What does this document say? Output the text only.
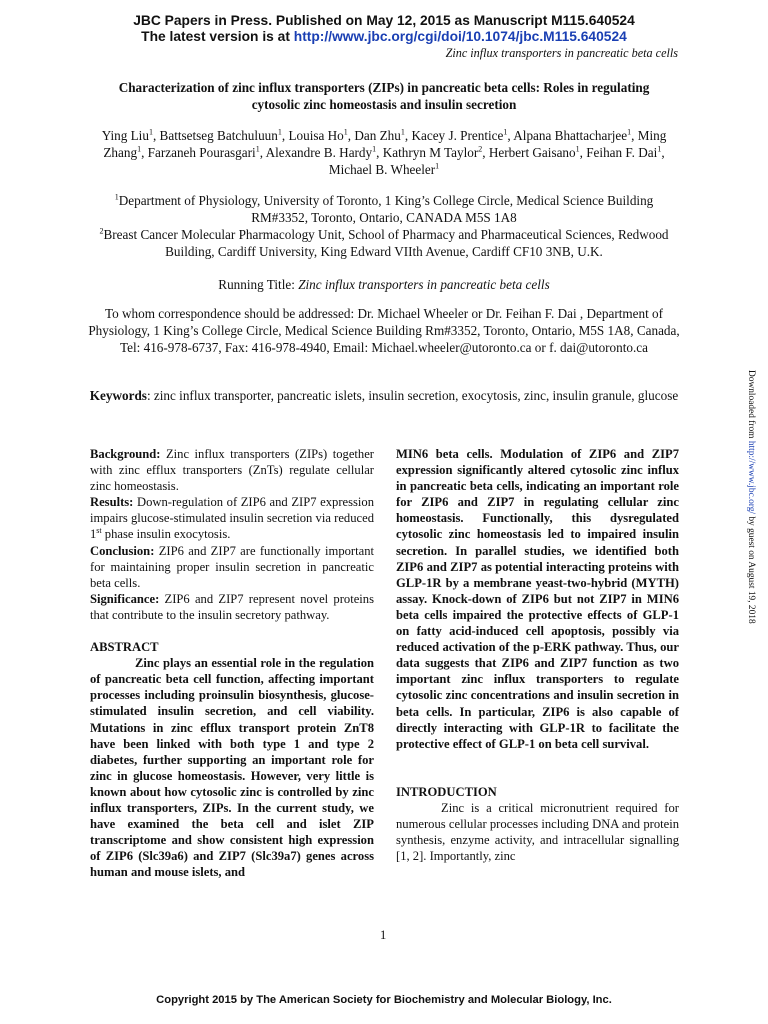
JBC Papers in Press. Published on May 12, 2015 as Manuscript M115.640524
The latest version is at http://www.jbc.org/cgi/doi/10.1074/jbc.M115.640524
Zinc influx transporters in pancreatic beta cells
Characterization of zinc influx transporters (ZIPs) in pancreatic beta cells: Roles in regulating cytosolic zinc homeostasis and insulin secretion
Ying Liu$^1$, Battsetseg Batchuluun$^1$, Louisa Ho$^1$, Dan Zhu$^1$, Kacey J. Prentice$^1$, Alpana Bhattacharjee$^1$, Ming Zhang$^1$, Farzaneh Pourasgari$^1$, Alexandre B. Hardy$^1$, Kathryn M Taylor$^2$, Herbert Gaisano$^1$, Feihan F. Dai$^1$, Michael B. Wheeler$^1$
$^1$Department of Physiology, University of Toronto, 1 King’s College Circle, Medical Science Building RM#3352, Toronto, Ontario, CANADA M5S 1A8
$^2$Breast Cancer Molecular Pharmacology Unit, School of Pharmacy and Pharmaceutical Sciences, Redwood Building, Cardiff University, King Edward VIIth Avenue, Cardiff CF10 3NB, U.K.
Running Title: Zinc influx transporters in pancreatic beta cells
To whom correspondence should be addressed: Dr. Michael Wheeler or Dr. Feihan F. Dai , Department of Physiology, 1 King’s College Circle, Medical Science Building Rm#3352, Toronto, Ontario, M5S 1A8, Canada, Tel: 416-978-6737, Fax: 416-978-4940, Email: Michael.wheeler@utoronto.ca or f. dai@utoronto.ca
Keywords: zinc influx transporter, pancreatic islets, insulin secretion, exocytosis, zinc, insulin granule, glucose

Background: Zinc influx transporters (ZIPs) together with zinc efflux transporters (ZnTs) regulate cellular zinc homeostasis.

Results: Down-regulation of ZIP6 and ZIP7 expression impairs glucose-stimulated insulin secretion via reduced 1st phase insulin exocytosis.

Conclusion: ZIP6 and ZIP7 are functionally important for maintaining proper insulin secretion in pancreatic beta cells.

Significance: ZIP6 and ZIP7 represent novel proteins that contribute to the insulin secretory pathway.

ABSTRACT

Zinc plays an essential role in the regulation of pancreatic beta cell function, affecting important processes including proinsulin biosynthesis, glucose-stimulated insulin secretion, and cell viability. Mutations in zinc efflux transport protein ZnT8 have been linked with both type 1 and type 2 diabetes, further supporting an important role for zinc in glucose homeostasis. However, very little is known about how cytosolic zinc is controlled by zinc influx transporters, ZIPs. In the current study, we have examined the beta cell and islet ZIP transcriptome and show consistent high expression of ZIP6 (Slc39a6) and ZIP7 (Slc39a7) genes across human and mouse islets, and

MIN6 beta cells. Modulation of ZIP6 and ZIP7 expression significantly altered cytosolic zinc influx in pancreatic beta cells, indicating an important role for ZIP6 and ZIP7 in regulating cellular zinc homeostasis. Functionally, this dysregulated cytosolic zinc homeostasis led to impaired insulin secretion. In parallel studies, we identified both ZIP6 and ZIP7 as potential interacting proteins with GLP-1R by a membrane yeast-two-hybrid (MYTH) assay. Knock-down of ZIP6 but not ZIP7 in MIN6 beta cells impaired the protective effects of GLP-1 on fatty acid-induced cell apoptosis, possibly via reduced activation of the p-ERK pathway. Thus, our data suggests that ZIP6 and ZIP7 function as two important zinc influx transporters to regulate cytosolic zinc concentrations and insulin secretion in beta cells. In particular, ZIP6 is also capable of directly interacting with GLP-1R to facilitate the protective effect of GLP-1 on beta cell survival.

INTRODUCTION

Zinc is a critical micronutrient required for numerous cellular processes including DNA and protein synthesis, enzyme activity, and intracellular signalling [1, 2]. Importantly, zinc

1
Copyright 2015 by The American Society for Biochemistry and Molecular Biology, Inc.
Downloaded from http://www.jbc.org/ by guest on August 19, 2018
